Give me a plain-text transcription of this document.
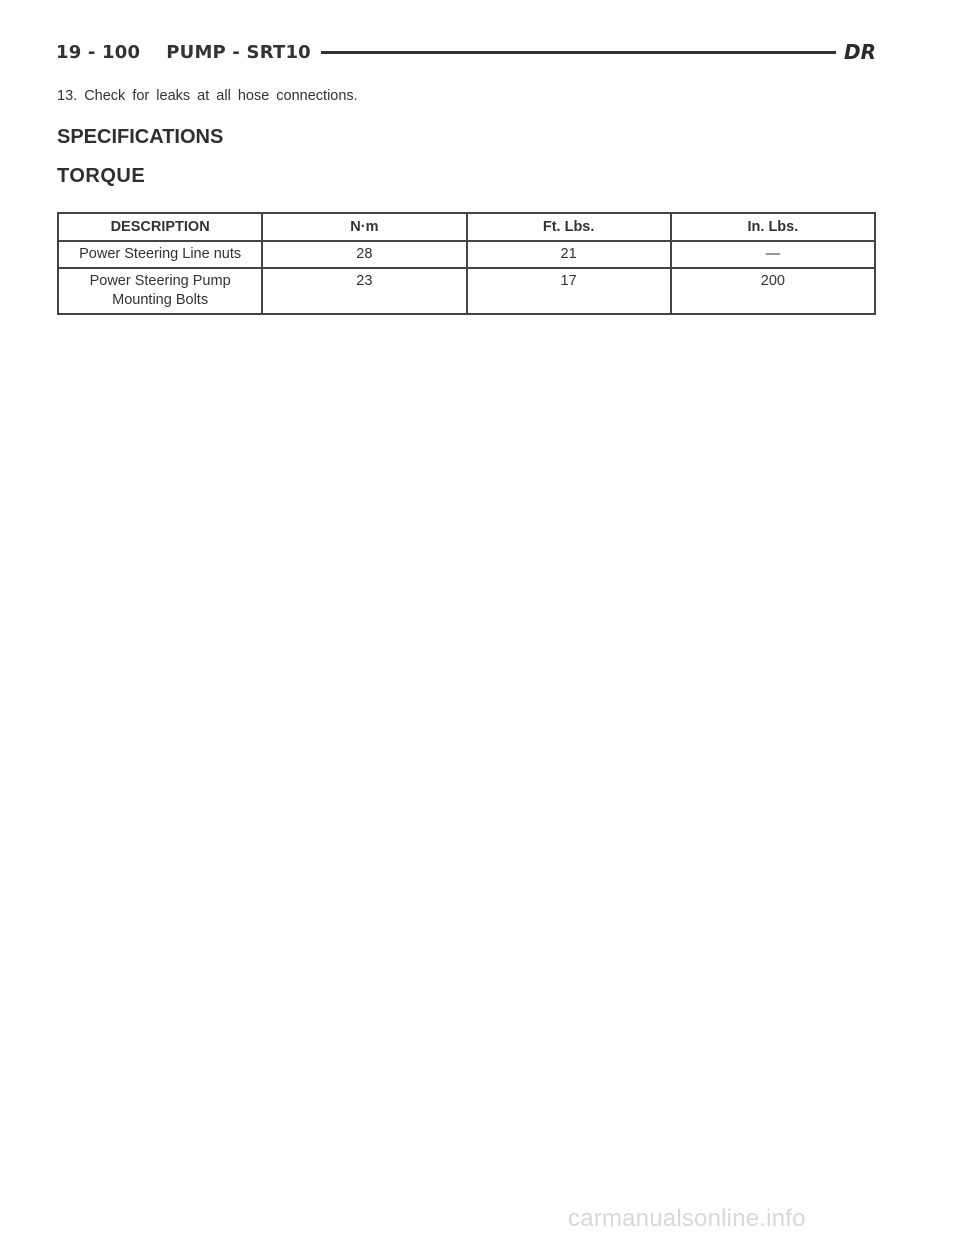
19 - 100 PUMP - SRT10	DR
13. Check for leaks at all hose connections.
SPECIFICATIONS
TORQUE
DESCRIPTION	N·m	Ft. Lbs.	In. Lbs.
Power Steering Line nuts	28	21	—
Power Steering Pump
Mounting Bolts	23	17	200
carmanualsonline.info
